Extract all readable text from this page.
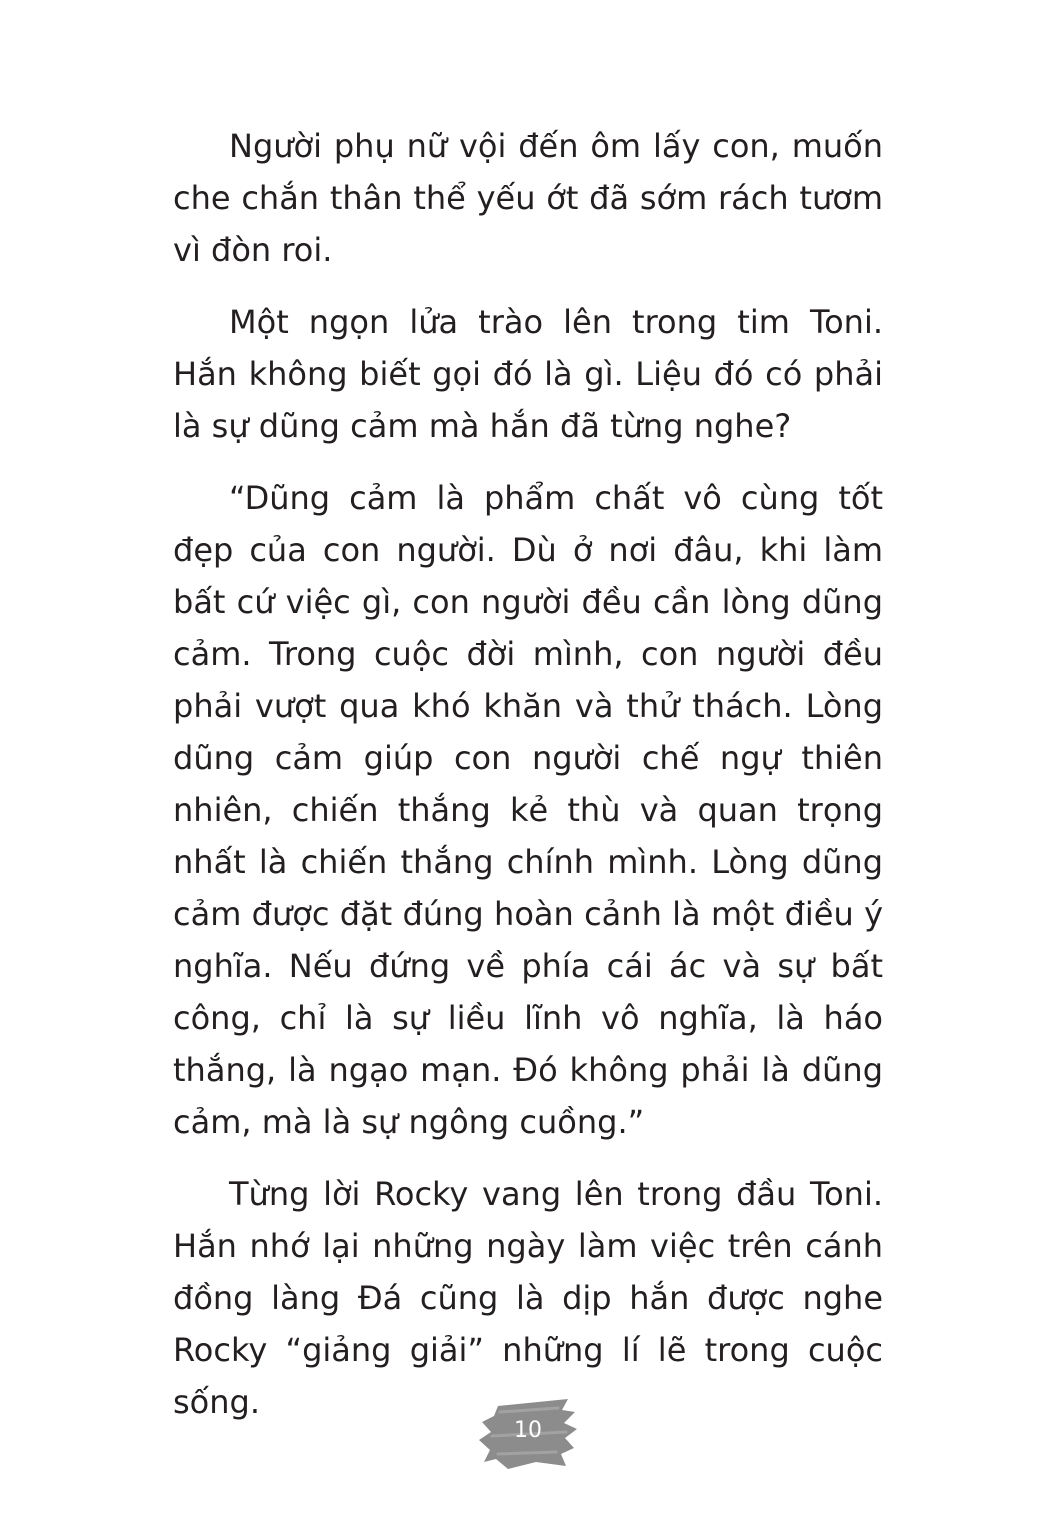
Người phụ nữ vội đến ôm lấy con, muốn che chắn thân thể yếu ớt đã sớm rách tươm vì đòn roi.

Một ngọn lửa trào lên trong tim Toni. Hắn không biết gọi đó là gì. Liệu đó có phải là sự dũng cảm mà hắn đã từng nghe?

“Dũng cảm là phẩm chất vô cùng tốt đẹp của con người. Dù ở nơi đâu, khi làm bất cứ việc gì, con người đều cần lòng dũng cảm. Trong cuộc đời mình, con người đều phải vượt qua khó khăn và thử thách. Lòng dũng cảm giúp con người chế ngự thiên nhiên, chiến thắng kẻ thù và quan trọng nhất là chiến thắng chính mình. Lòng dũng cảm được đặt đúng hoàn cảnh là một điều ý nghĩa. Nếu đứng về phía cái ác và sự bất công, chỉ là sự liều lĩnh vô nghĩa, là háo thắng, là ngạo mạn. Đó không phải là dũng cảm, mà là sự ngông cuồng.”

Từng lời Rocky vang lên trong đầu Toni. Hắn nhớ lại những ngày làm việc trên cánh đồng làng Đá cũng là dịp hắn được nghe Rocky “giảng giải” những lí lẽ trong cuộc sống.

10
